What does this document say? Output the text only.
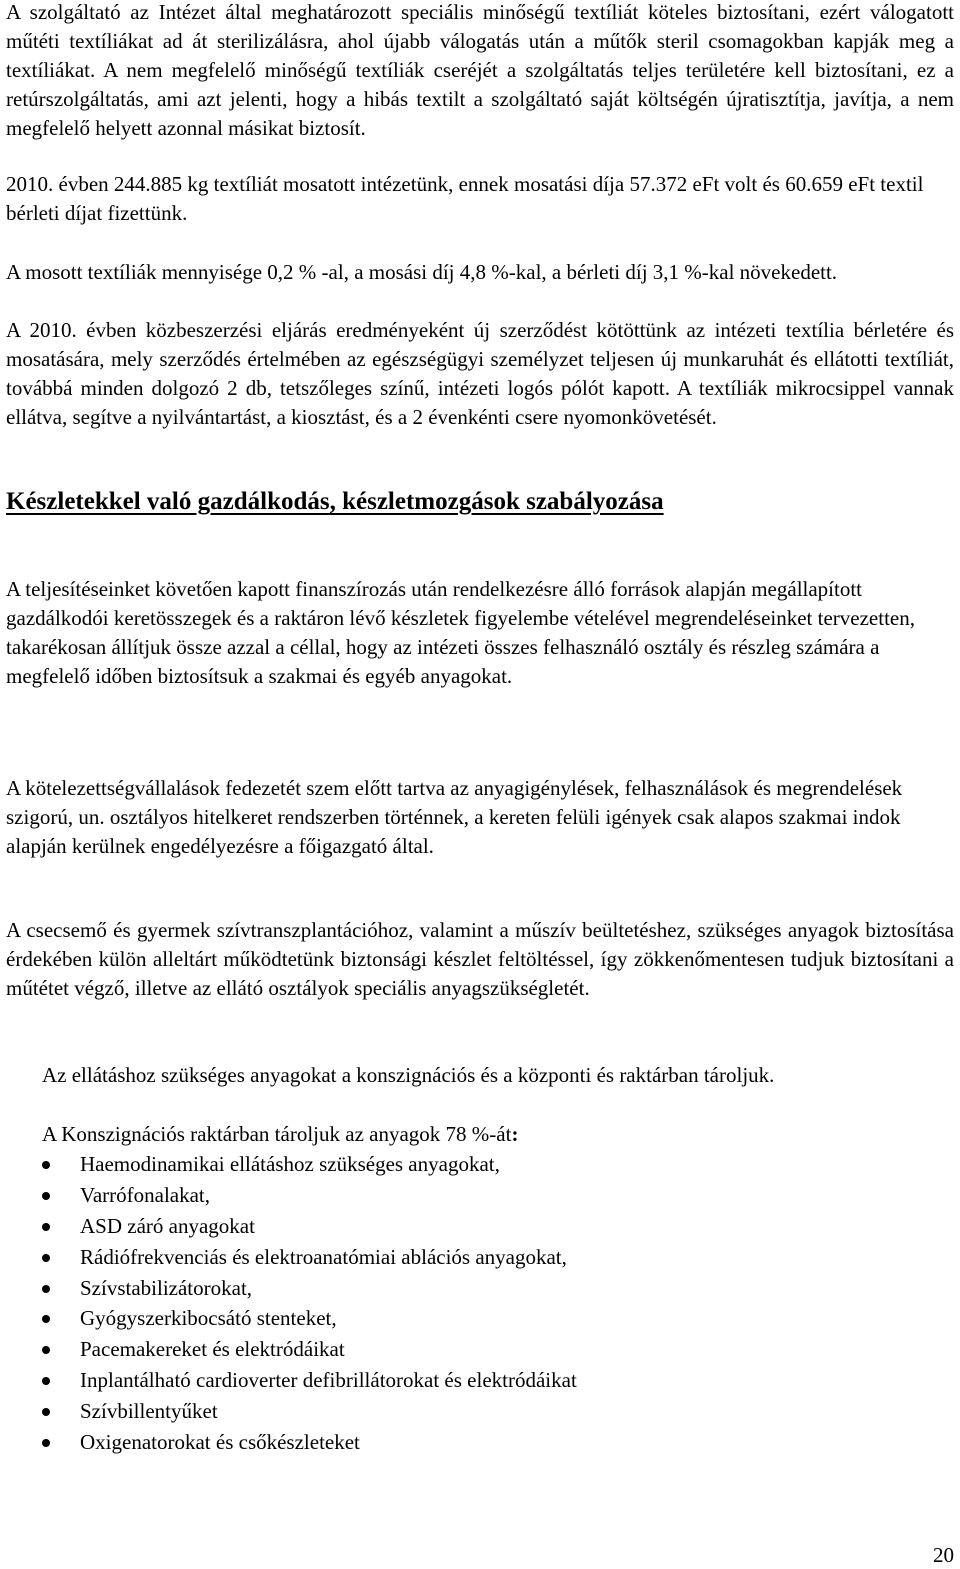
A szolgáltató az Intézet által meghatározott speciális minőségű textíliát köteles biztosítani, ezért válogatott műtéti textíliákat ad át sterilizálásra, ahol újabb válogatás után a műtők steril csomagokban kapják meg a textíliákat. A nem megfelelő minőségű textíliák cseréjét a szolgáltatás teljes területére kell biztosítani, ez a retúrszolgáltatás, ami azt jelenti, hogy a hibás textilt a szolgáltató saját költségén újratisztítja, javítja, a nem megfelelő helyett azonnal másikat biztosít.

2010. évben 244.885 kg textíliát mosatott intézetünk, ennek mosatási díja 57.372 eFt volt és 60.659 eFt textil bérleti díjat fizettünk.

A mosott textíliák mennyisége 0,2 % -al, a mosási díj 4,8 %-kal, a bérleti díj 3,1 %-kal növekedett.

A 2010. évben közbeszerzési eljárás eredményeként új szerződést kötöttünk az intézeti textília bérletére és mosatására, mely szerződés értelmében az egészségügyi személyzet teljesen új munkaruhát és ellátotti textíliát, továbbá minden dolgozó 2 db, tetszőleges színű, intézeti logós pólót kapott. A textíliák mikrocsippel vannak ellátva, segítve a nyilvántartást, a kiosztást, és a 2 évenkénti csere nyomonkövetését.

Készletekkel való gazdálkodás, készletmozgások szabályozása

A teljesítéseinket követően kapott finanszírozás után rendelkezésre álló források alapján megállapított gazdálkodói keretösszegek és a raktáron lévő készletek figyelembe vételével megrendeléseinket tervezetten, takarékosan állítjuk össze azzal a céllal, hogy az intézeti összes felhasználó osztály és részleg számára a megfelelő időben biztosítsuk a szakmai és egyéb anyagokat.

A kötelezettségvállalások fedezetét szem előtt tartva az anyagigénylések, felhasználások és megrendelések szigorú, un. osztályos hitelkeret rendszerben történnek, a kereten felüli igények csak alapos szakmai indok alapján kerülnek engedélyezésre a főigazgató által.

A csecsemő és gyermek szívtranszplantációhoz, valamint a műszív beültetéshez, szükséges anyagok biztosítása érdekében külön alleltárt működtetünk biztonsági készlet feltöltéssel, így zökkenőmentesen tudjuk biztosítani a műtétet végző, illetve az ellátó osztályok speciális anyagszükségletét.

Az ellátáshoz szükséges anyagokat a konszignációs és a központi és raktárban tároljuk.

A Konszignációs raktárban tároljuk az anyagok 78 %-át:

Haemodinamikai ellátáshoz szükséges anyagokat,
Varrófonalakat,
ASD záró anyagokat
Rádiófrekvenciás és elektroanatómiai ablációs anyagokat,
Szívstabilizátorokat,
Gyógyszerkibocsátó stenteket,
Pacemakereket és elektródáikat
Inplantálható cardioverter defibrillátorokat és elektródáikat
Szívbillentyűket
Oxigenatorokat és csőkészleteket
20
